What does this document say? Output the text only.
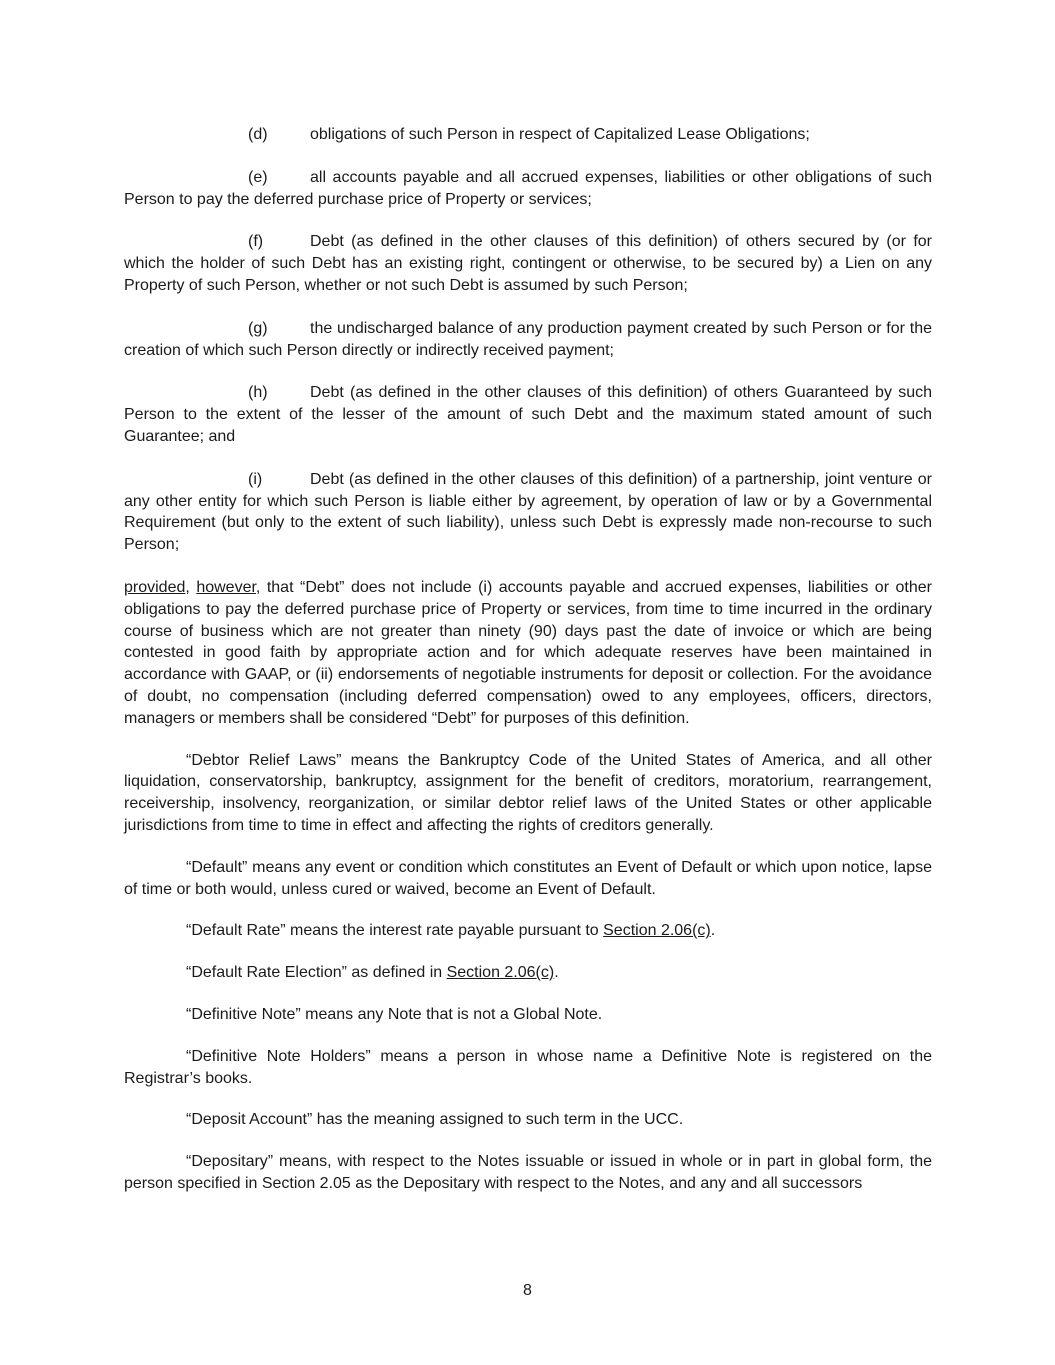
(d)	obligations of such Person in respect of Capitalized Lease Obligations;

(e)	all accounts payable and all accrued expenses, liabilities or other obligations of such Person to pay the deferred purchase price of Property or services;

(f)	Debt (as defined in the other clauses of this definition) of others secured by (or for which the holder of such Debt has an existing right, contingent or otherwise, to be secured by) a Lien on any Property of such Person, whether or not such Debt is assumed by such Person;

(g)	the undischarged balance of any production payment created by such Person or for the creation of which such Person directly or indirectly received payment;

(h)	Debt (as defined in the other clauses of this definition) of others Guaranteed by such Person to the extent of the lesser of the amount of such Debt and the maximum stated amount of such Guarantee; and

(i)	Debt (as defined in the other clauses of this definition) of a partnership, joint venture or any other entity for which such Person is liable either by agreement, by operation of law or by a Governmental Requirement (but only to the extent of such liability), unless such Debt is expressly made non-recourse to such Person;

provided, however, that “Debt” does not include (i) accounts payable and accrued expenses, liabilities or other obligations to pay the deferred purchase price of Property or services, from time to time incurred in the ordinary course of business which are not greater than ninety (90) days past the date of invoice or which are being contested in good faith by appropriate action and for which adequate reserves have been maintained in accordance with GAAP, or (ii) endorsements of negotiable instruments for deposit or collection. For the avoidance of doubt, no compensation (including deferred compensation) owed to any employees, officers, directors, managers or members shall be considered “Debt” for purposes of this definition.

“Debtor Relief Laws” means the Bankruptcy Code of the United States of America, and all other liquidation, conservatorship, bankruptcy, assignment for the benefit of creditors, moratorium, rearrangement, receivership, insolvency, reorganization, or similar debtor relief laws of the United States or other applicable jurisdictions from time to time in effect and affecting the rights of creditors generally.

“Default” means any event or condition which constitutes an Event of Default or which upon notice, lapse of time or both would, unless cured or waived, become an Event of Default.

“Default Rate” means the interest rate payable pursuant to Section 2.06(c).

“Default Rate Election” as defined in Section 2.06(c).

“Definitive Note” means any Note that is not a Global Note.

“Definitive Note Holders” means a person in whose name a Definitive Note is registered on the Registrar’s books.

“Deposit Account” has the meaning assigned to such term in the UCC.

“Depositary” means, with respect to the Notes issuable or issued in whole or in part in global form, the person specified in Section 2.05 as the Depositary with respect to the Notes, and any and all successors

8
